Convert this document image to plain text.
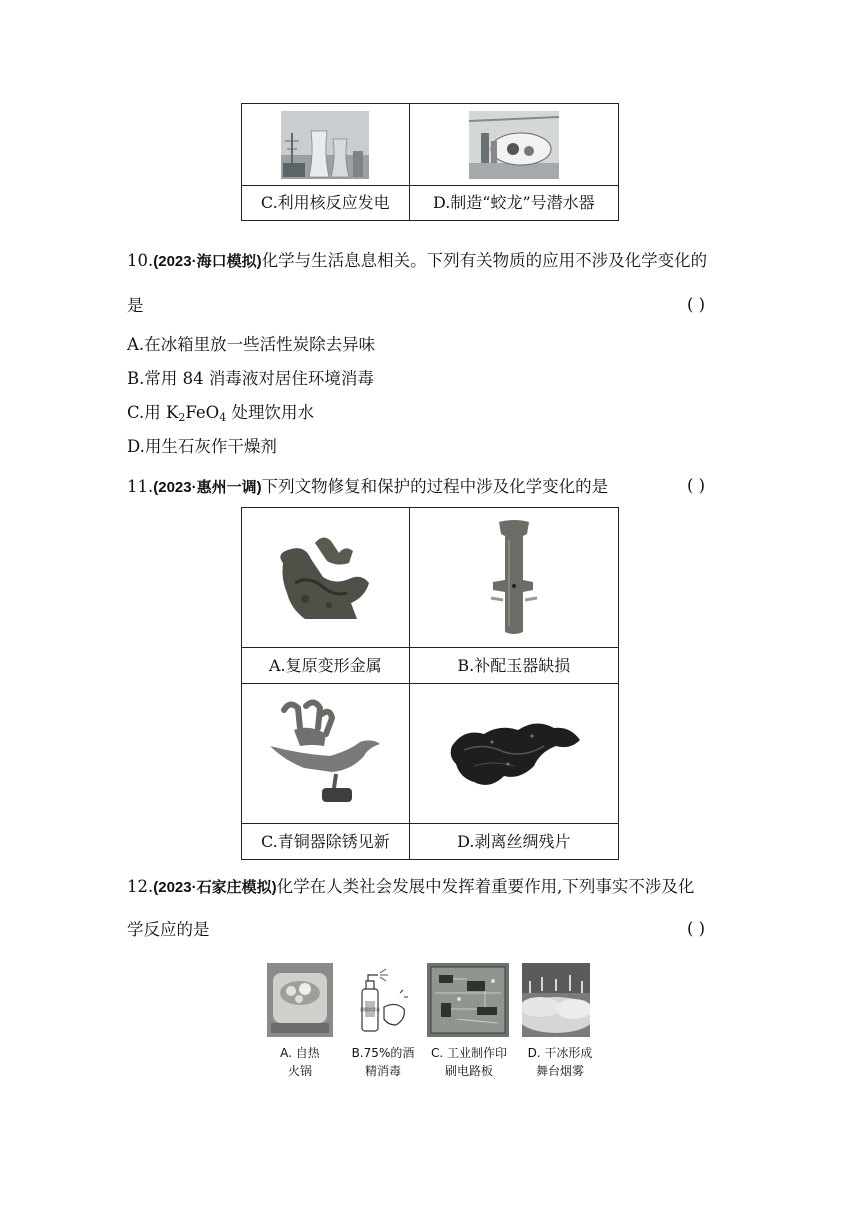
C.利用核反应发电	D.制造“蛟龙”号潜水器
10.(2023·海口模拟)化学与生活息息相关。下列有关物质的应用不涉及化学变化的
是	( )
A.在冰箱里放一些活性炭除去异味
B.常用 84 消毒液对居住环境消毒
C.用 $K_2FeO_4$ 处理饮用水
D.用生石灰作干燥剂
11.(2023·惠州一调)下列文物修复和保护的过程中涉及化学变化的是	( )

A.复原变形金属	B.补配玉器缺损

C.青铜器除锈见新	D.剥离丝绸残片
12.(2023·石家庄模拟)化学在人类社会发展中发挥着重要作用,下列事实不涉及化
学反应的是	( )
酒精消毒液
A. 自热
火锅
B.75%的酒
精消毒
C. 工业制作印
刷电路板
D. 干冰形成
舞台烟雾
